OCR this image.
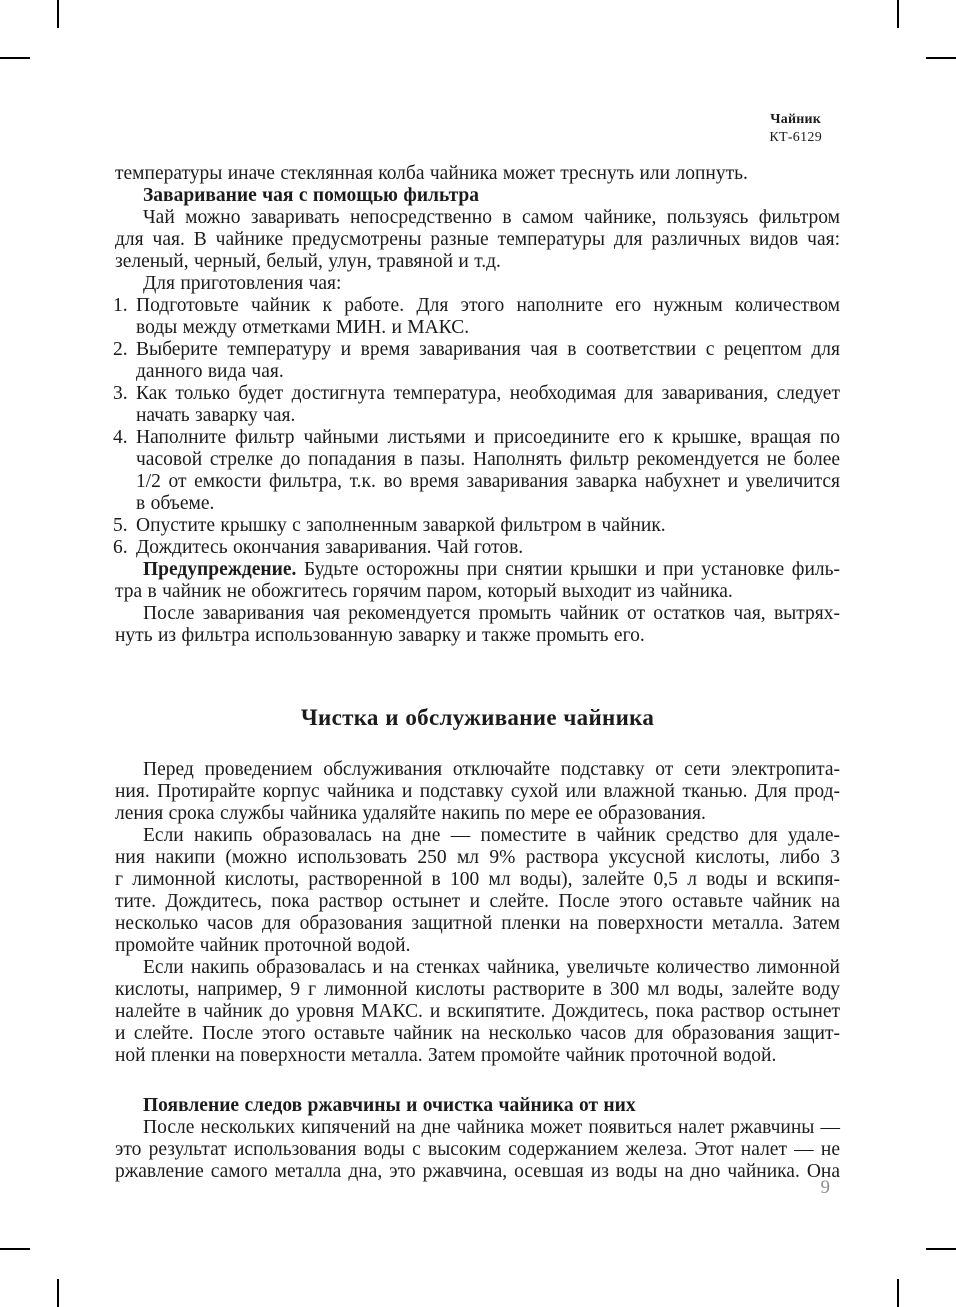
Чайник
КТ-6129
температуры иначе стеклянная колба чайника может треснуть или лопнуть.
Заваривание чая с помощью фильтра
Чай можно заваривать непосредственно в самом чайнике, пользуясь фильтром
для чая. В чайнике предусмотрены разные температуры для различных видов чая:
зеленый, черный, белый, улун, травяной и т.д.
Для приготовления чая:
1. Подготовьте чайник к работе. Для этого наполните его нужным количеством
воды между отметками МИН. и МАКС.
2. Выберите температуру и время заваривания чая в соответствии с рецептом для
данного вида чая.
3. Как только будет достигнута температура, необходимая для заваривания, следует
начать заварку чая.
4. Наполните фильтр чайными листьями и присоедините его к крышке, вращая по
часовой стрелке до попадания в пазы. Наполнять фильтр рекомендуется не более
1/2 от емкости фильтра, т.к. во время заваривания заварка набухнет и увеличится
в объеме.
5. Опустите крышку с заполненным заваркой фильтром в чайник.
6. Дождитесь окончания заваривания. Чай готов.
Предупреждение. Будьте осторожны при снятии крышки и при установке филь-
тра в чайник не обожгитесь горячим паром, который выходит из чайника.
После заваривания чая рекомендуется промыть чайник от остатков чая, вытрях-
нуть из фильтра использованную заварку и также промыть его.
Чистка и обслуживание чайника
Перед проведением обслуживания отключайте подставку от сети электропита-
ния. Протирайте корпус чайника и подставку сухой или влажной тканью. Для прод-
ления срока службы чайника удаляйте накипь по мере ее образования.
Если накипь образовалась на дне — поместите в чайник средство для удале-
ния накипи (можно использовать 250 мл 9% раствора уксусной кислоты, либо 3
г лимонной кислоты, растворенной в 100 мл воды), залейте 0,5 л воды и вскипя-
тите. Дождитесь, пока раствор остынет и слейте. После этого оставьте чайник на
несколько часов для образования защитной пленки на поверхности металла. Затем
промойте чайник проточной водой.
Если накипь образовалась и на стенках чайника, увеличьте количество лимонной
кислоты, например, 9 г лимонной кислоты растворите в 300 мл воды, залейте воду
налейте в чайник до уровня МАКС. и вскипятите. Дождитесь, пока раствор остынет
и слейте. После этого оставьте чайник на несколько часов для образования защит-
ной пленки на поверхности металла. Затем промойте чайник проточной водой.
Появление следов ржавчины и очистка чайника от них
После нескольких кипячений на дне чайника может появиться налет ржавчины —
это результат использования воды с высоким содержанием железа. Этот налет — не
ржавление самого металла дна, это ржавчина, осевшая из воды на дно чайника. Она
9
